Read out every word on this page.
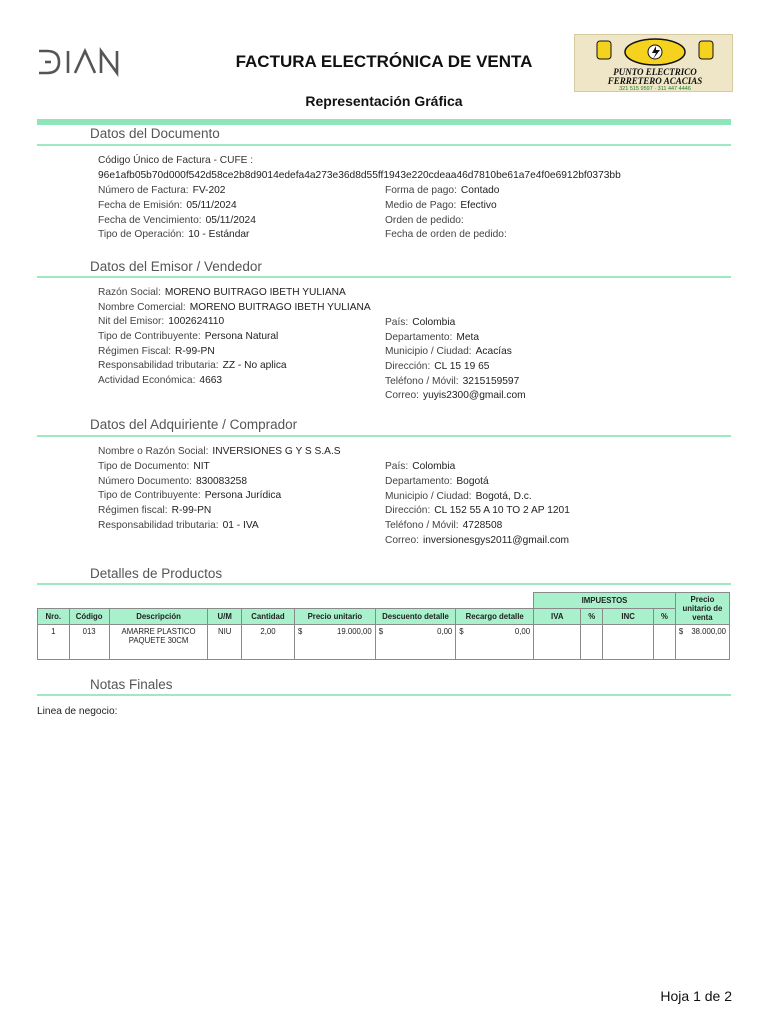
DIAN
FACTURA ELECTRÓNICA DE VENTA
Representación Gráfica
PUNTO ELECTRICO
FERRETERO ACACIAS
321 515 9597 · 311 447 4446
Datos del Documento
Código Único de Factura - CUFE :
96e1afb05b70d000f542d58ce2b8d9014edefa4a273e36d8d55ff1943e220cdeaa46d7810be61a7e4f0e6912bf0373bb
Número de Factura: FV-202
Fecha de Emisión: 05/11/2024
Fecha de Vencimiento: 05/11/2024
Tipo de Operación: 10 - Estándar
Forma de pago: Contado
Medio de Pago: Efectivo
Orden de pedido:
Fecha de orden de pedido:
Datos del Emisor / Vendedor
Razón Social: MORENO BUITRAGO IBETH YULIANA
Nombre Comercial: MORENO BUITRAGO IBETH YULIANA
Nit del Emisor: 1002624110
Tipo de Contribuyente: Persona Natural
Régimen Fiscal: R-99-PN
Responsabilidad tributaria: ZZ - No aplica
Actividad Económica: 4663
País: Colombia
Departamento: Meta
Municipio / Ciudad: Acacías
Dirección: CL 15 19 65
Teléfono / Móvil: 3215159597
Correo: yuyis2300@gmail.com
Datos del Adquiriente / Comprador
Nombre o Razón Social: INVERSIONES G Y S S.A.S
Tipo de Documento: NIT
Número Documento: 830083258
Tipo de Contribuyente: Persona Jurídica
Régimen fiscal: R-99-PN
Responsabilidad tributaria: 01 - IVA
País: Colombia
Departamento: Bogotá
Municipio / Ciudad: Bogotá, D.c.
Dirección: CL 152 55 A 10 TO 2 AP 1201
Teléfono / Móvil: 4728508
Correo: inversionesgys2011@gmail.com
Detalles de Productos
								IMPUESTOS				Precio unitario de venta
Nro.	Código	Descripción	U/M	Cantidad	Precio unitario	Descuento detalle	Recargo detalle	IVA	%	INC	%	
1	013	AMARRE PLASTICO PAQUETE 30CM	NIU	2,00	$ 19.000,00	$ 0,00	$ 0,00					$ 38.000,00
Notas Finales
Linea de negocio:
Hoja 1 de 2
